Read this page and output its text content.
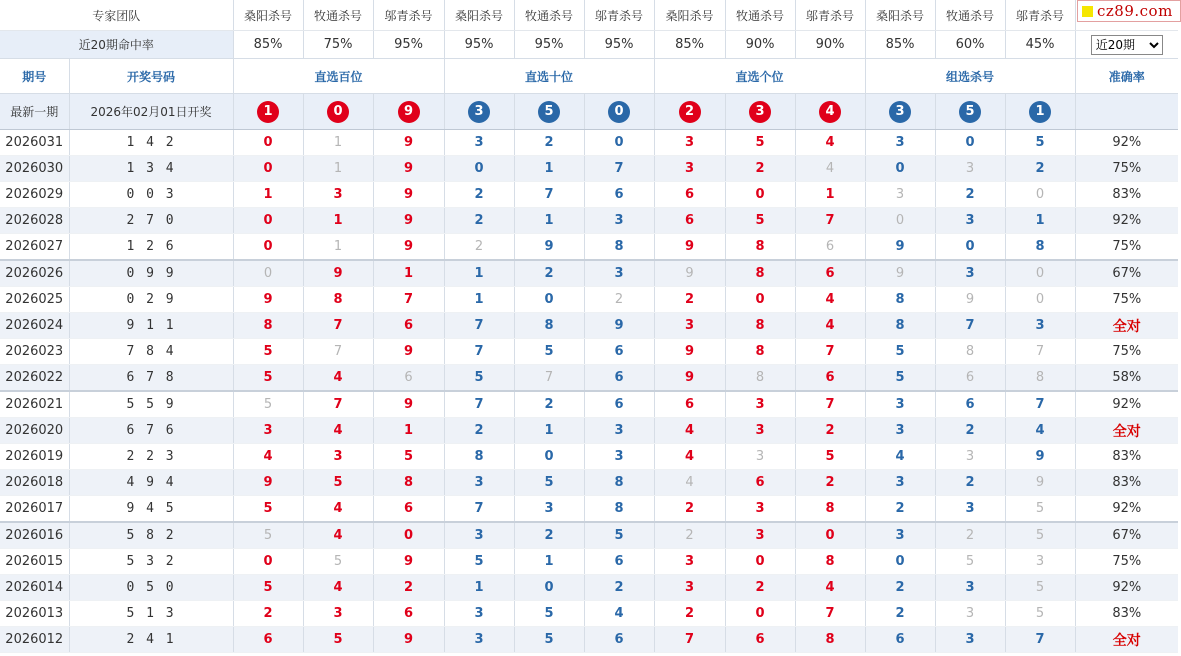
专家团队		桑阳杀号	牧通杀号	邬青杀号	桑阳杀号	牧通杀号	邬青杀号	桑阳杀号	牧通杀号	邬青杀号	桑阳杀号	牧通杀号	邬青杀号	
近20期命中率		85%	75%	95%	95%	95%	95%	85%	90%	90%	85%	60%	45%	
近20期
期号	开奖号码	直选百位			直选十位			直选个位			组选杀号			准确率
最新一期	2026年02月01日开奖	1	0	9	3	5	0	2	3	4	3	5	1	
2026031	1 4 2	0	1	9	3	2	0	3	5	4	3	0	5	92%
2026030	1 3 4	0	1	9	0	1	7	3	2	4	0	3	2	75%
2026029	0 0 3	1	3	9	2	7	6	6	0	1	3	2	0	83%
2026028	2 7 0	0	1	9	2	1	3	6	5	7	0	3	1	92%
2026027	1 2 6	0	1	9	2	9	8	9	8	6	9	0	8	75%
2026026	0 9 9	0	9	1	1	2	3	9	8	6	9	3	0	67%
2026025	0 2 9	9	8	7	1	0	2	2	0	4	8	9	0	75%
2026024	9 1 1	8	7	6	7	8	9	3	8	4	8	7	3	全对
2026023	7 8 4	5	7	9	7	5	6	9	8	7	5	8	7	75%
2026022	6 7 8	5	4	6	5	7	6	9	8	6	5	6	8	58%
2026021	5 5 9	5	7	9	7	2	6	6	3	7	3	6	7	92%
2026020	6 7 6	3	4	1	2	1	3	4	3	2	3	2	4	全对
2026019	2 2 3	4	3	5	8	0	3	4	3	5	4	3	9	83%
2026018	4 9 4	9	5	8	3	5	8	4	6	2	3	2	9	83%
2026017	9 4 5	5	4	6	7	3	8	2	3	8	2	3	5	92%
2026016	5 8 2	5	4	0	3	2	5	2	3	0	3	2	5	67%
2026015	5 3 2	0	5	9	5	1	6	3	0	8	0	5	3	75%
2026014	0 5 0	5	4	2	1	0	2	3	2	4	2	3	5	92%
2026013	5 1 3	2	3	6	3	5	4	2	0	7	2	3	5	83%
2026012	2 4 1	6	5	9	3	5	6	7	6	8	6	3	7	全对
cz89.com
